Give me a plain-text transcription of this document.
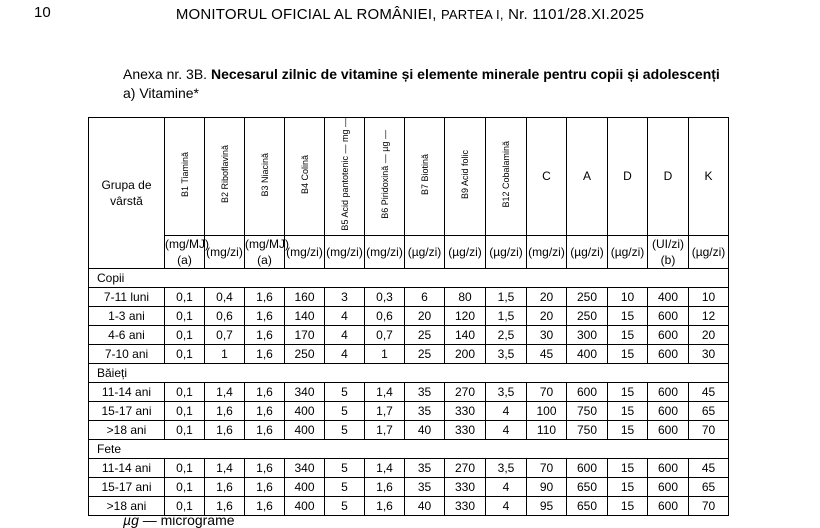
10	MONITORUL OFICIAL AL ROMÂNIEI, PARTEA I, Nr. 1101/28.XI.2025
Anexa nr. 3B. Necesarul zilnic de vitamine și elemente minerale pentru copii și adolescenți
a) Vitamine*
Grupa de vârstă	B1 Tiamină	B2 Riboflavină	B3 Niacină	B4 Colină	B5 Acid pantotenic — mg —	B6 Piridoxină — µg —	B7 Biotină	B9 Acid folic	B12 Cobalamină	C	A	D	D	K
	(mg/MJ) (a)	(mg/zi)	(mg/MJ) (a)	(mg/zi)	(mg/zi)	(mg/zi)	(µg/zi)	(µg/zi)	(µg/zi)	(mg/zi)	(µg/zi)	(µg/zi)	(UI/zi) (b)	(µg/zi)
Copii														
7-11 luni	0,1	0,4	1,6	160	3	0,3	6	80	1,5	20	250	10	400	10
1-3 ani	0,1	0,6	1,6	140	4	0,6	20	120	1,5	20	250	15	600	12
4-6 ani	0,1	0,7	1,6	170	4	0,7	25	140	2,5	30	300	15	600	20
7-10 ani	0,1	1	1,6	250	4	1	25	200	3,5	45	400	15	600	30
Băieți														
11-14 ani	0,1	1,4	1,6	340	5	1,4	35	270	3,5	70	600	15	600	45
15-17 ani	0,1	1,6	1,6	400	5	1,7	35	330	4	100	750	15	600	65
>18 ani	0,1	1,6	1,6	400	5	1,7	40	330	4	110	750	15	600	70
Fete														
11-14 ani	0,1	1,4	1,6	340	5	1,4	35	270	3,5	70	600	15	600	45
15-17 ani	0,1	1,6	1,6	400	5	1,6	35	330	4	90	650	15	600	65
>18 ani	0,1	1,6	1,6	400	5	1,6	40	330	4	95	650	15	600	70
µg — micrograme
